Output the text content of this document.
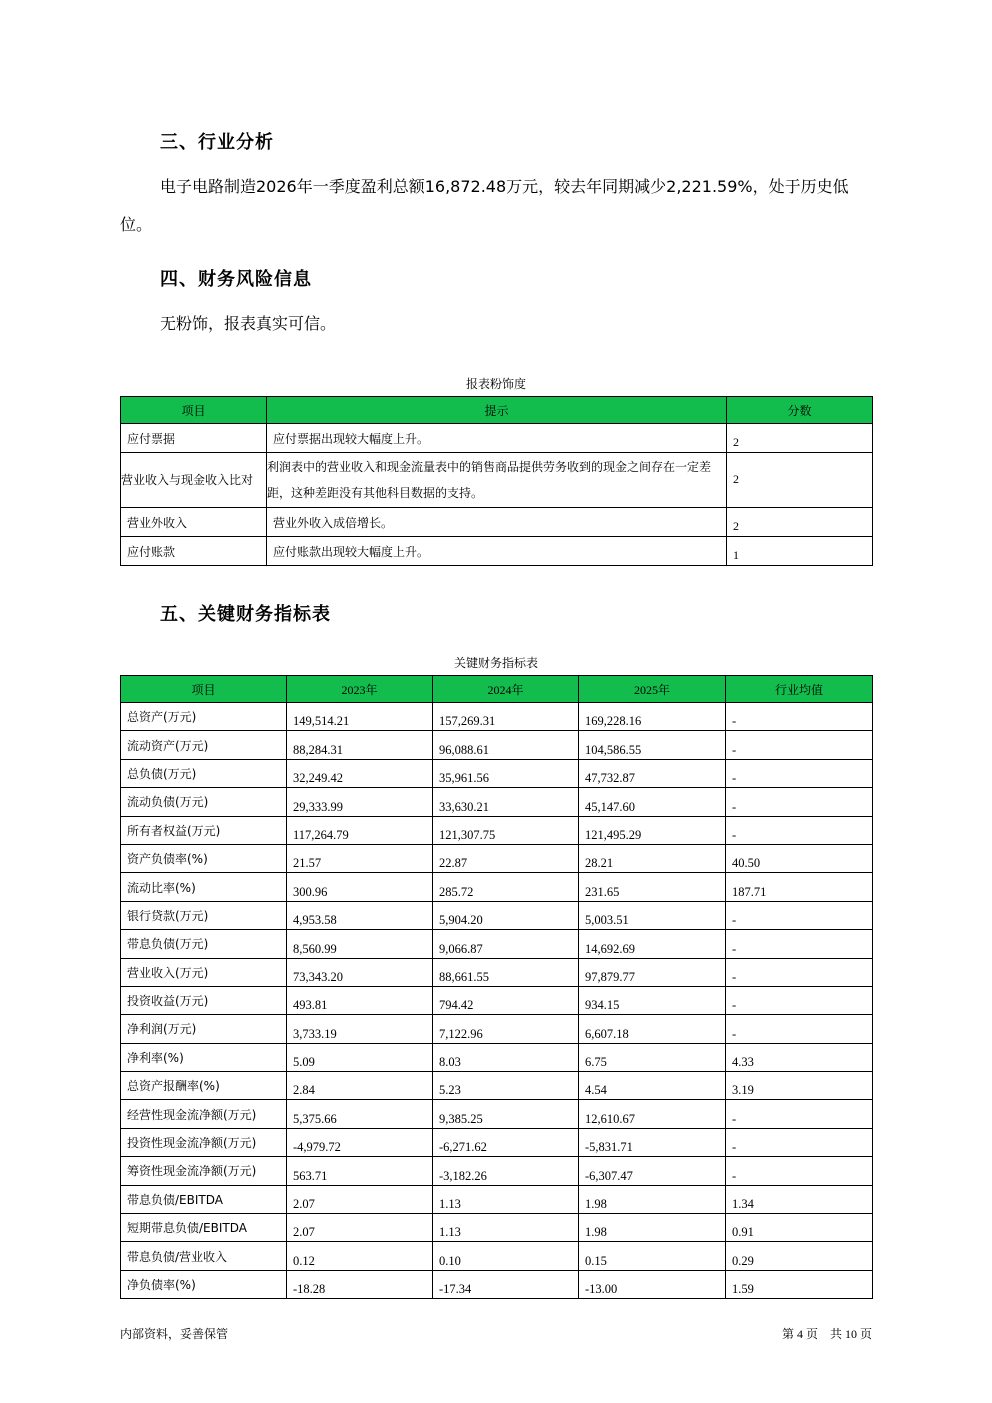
三、行业分析
电子电路制造2026年一季度盈利总额16,872.48万元，较去年同期减少2,221.59%，处于历史低位。
四、财务风险信息
无粉饰，报表真实可信。
报表粉饰度
项目	提示	分数
应付票据	应付票据出现较大幅度上升。	2
营业收入与现金收入比对	利润表中的营业收入和现金流量表中的销售商品提供劳务收到的现金之间存在一定差距，这种差距没有其他科目数据的支持。	2
营业外收入	营业外收入成倍增长。	2
应付账款	应付账款出现较大幅度上升。	1
五、关键财务指标表
关键财务指标表
项目	2023年	2024年	2025年	行业均值
总资产(万元)	149,514.21	157,269.31	169,228.16	-
流动资产(万元)	88,284.31	96,088.61	104,586.55	-
总负债(万元)	32,249.42	35,961.56	47,732.87	-
流动负债(万元)	29,333.99	33,630.21	45,147.60	-
所有者权益(万元)	117,264.79	121,307.75	121,495.29	-
资产负债率(%)	21.57	22.87	28.21	40.50
流动比率(%)	300.96	285.72	231.65	187.71
银行贷款(万元)	4,953.58	5,904.20	5,003.51	-
带息负债(万元)	8,560.99	9,066.87	14,692.69	-
营业收入(万元)	73,343.20	88,661.55	97,879.77	-
投资收益(万元)	493.81	794.42	934.15	-
净利润(万元)	3,733.19	7,122.96	6,607.18	-
净利率(%)	5.09	8.03	6.75	4.33
总资产报酬率(%)	2.84	5.23	4.54	3.19
经营性现金流净额(万元)	5,375.66	9,385.25	12,610.67	-
投资性现金流净额(万元)	-4,979.72	-6,271.62	-5,831.71	-
筹资性现金流净额(万元)	563.71	-3,182.26	-6,307.47	-
带息负债/EBITDA	2.07	1.13	1.98	1.34
短期带息负债/EBITDA	2.07	1.13	1.98	0.91
带息负债/营业收入	0.12	0.10	0.15	0.29
净负债率(%)	-18.28	-17.34	-13.00	1.59
内部资料，妥善保管	第 4 页　共 10 页
